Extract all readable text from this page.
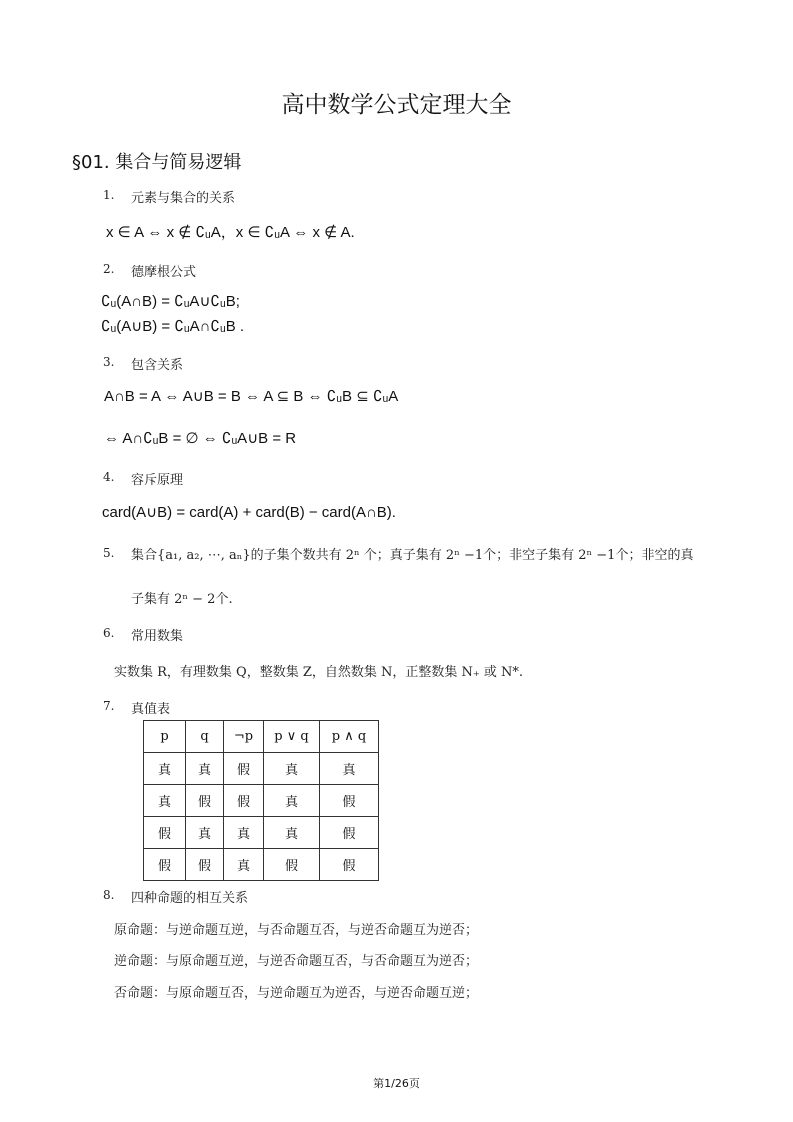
高中数学公式定理大全
§01. 集合与简易逻辑
1. 元素与集合的关系
x ∈ A ⇔ x ∉ ∁ᵤA，x ∈ ∁ᵤA ⇔ x ∉ A.
2. 德摩根公式
∁ᵤ(A∩B) = ∁ᵤA∪∁ᵤB;
∁ᵤ(A∪B) = ∁ᵤA∩∁ᵤB .
3. 包含关系
A∩B = A ⇔ A∪B = B ⇔ A ⊆ B ⇔ ∁ᵤB ⊆ ∁ᵤA
⇔ A∩∁ᵤB = ∅ ⇔ ∁ᵤA∪B = R
4. 容斥原理
card(A∪B) = card(A) + card(B) − card(A∩B).
5. 集合{a₁, a₂, ⋯, aₙ}的子集个数共有 2ⁿ 个；真子集有 2ⁿ −1个；非空子集有 2ⁿ −1个；非空的真
子集有 2ⁿ − 2个.
6. 常用数集
实数集 R，有理数集 Q，整数集 Z，自然数集 N，正整数集 N₊ 或 N*.
7. 真值表
p	q	¬p	p ∨ q	p ∧ q
真	真	假	真	真
真	假	假	真	假
假	真	真	真	假
假	假	真	假	假
8. 四种命题的相互关系
原命题：与逆命题互逆，与否命题互否，与逆否命题互为逆否；
逆命题：与原命题互逆，与逆否命题互否，与否命题互为逆否；
否命题：与原命题互否，与逆命题互为逆否，与逆否命题互逆；
第1/26页
